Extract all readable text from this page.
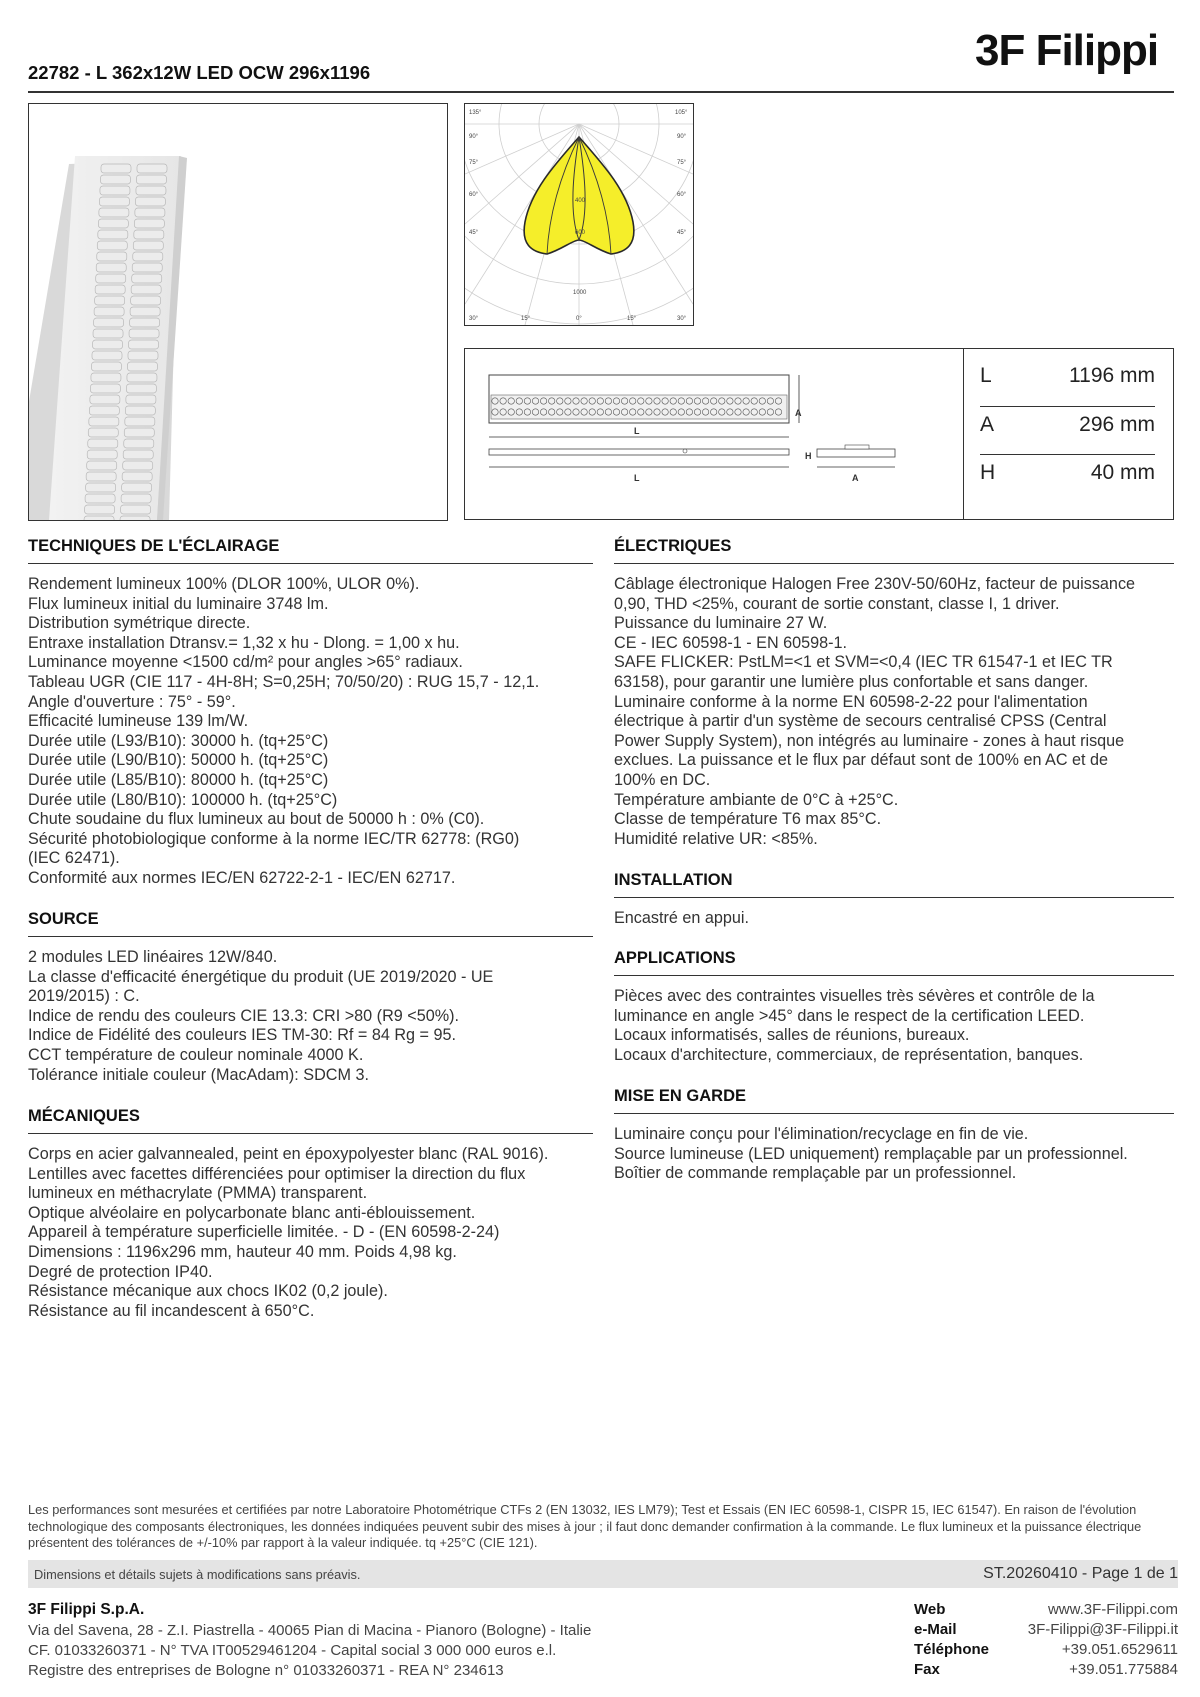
22782 - L 362x12W LED OCW 296x1196	3F Filippi
135°	105°
90°	90°
75°	75°
60°	60°
45°	45°
30°	15°	0°	15°	30°
400
600
1000
A
L
L
H
A
L	1196 mm
A	296 mm
H	40 mm
TECHNIQUES DE L'ÉCLAIRAGE
Rendement lumineux 100% (DLOR 100%, ULOR 0%).
Flux lumineux initial du luminaire 3748 lm.
Distribution symétrique directe.
Entraxe installation Dtransv.= 1,32 x hu - Dlong. = 1,00 x hu.
Luminance moyenne <1500 cd/m² pour angles >65° radiaux.
Tableau UGR (CIE 117 - 4H-8H; S=0,25H; 70/50/20) : RUG 15,7 - 12,1.
Angle d'ouverture : 75° - 59°.
Efficacité lumineuse 139 lm/W.
Durée utile (L93/B10): 30000 h. (tq+25°C)
Durée utile (L90/B10): 50000 h. (tq+25°C)
Durée utile (L85/B10): 80000 h. (tq+25°C)
Durée utile (L80/B10): 100000 h. (tq+25°C)
Chute soudaine du flux lumineux au bout de 50000 h : 0% (C0).
Sécurité photobiologique conforme à la norme IEC/TR 62778: (RG0)
(IEC 62471).
Conformité aux normes IEC/EN 62722-2-1 - IEC/EN 62717.
SOURCE
2 modules LED linéaires 12W/840.
La classe d'efficacité énergétique du produit (UE 2019/2020 - UE
2019/2015) : C.
Indice de rendu des couleurs CIE 13.3: CRI >80 (R9 <50%).
Indice de Fidélité des couleurs IES TM-30: Rf = 84 Rg = 95.
CCT température de couleur nominale 4000 K.
Tolérance initiale couleur (MacAdam): SDCM 3.
MÉCANIQUES
Corps en acier galvannealed, peint en époxypolyester blanc (RAL 9016).
Lentilles avec facettes différenciées pour optimiser la direction du flux
lumineux en méthacrylate (PMMA) transparent.
Optique alvéolaire en polycarbonate blanc anti-éblouissement.
Appareil à température superficielle limitée. - D - (EN 60598-2-24)
Dimensions : 1196x296 mm, hauteur 40 mm. Poids 4,98 kg.
Degré de protection IP40.
Résistance mécanique aux chocs IK02 (0,2 joule).
Résistance au fil incandescent à 650°C.
ÉLECTRIQUES
Câblage électronique Halogen Free 230V-50/60Hz, facteur de puissance
0,90, THD <25%, courant de sortie constant, classe I, 1 driver.
Puissance du luminaire 27 W.
CE - IEC 60598-1 - EN 60598-1.
SAFE FLICKER: PstLM=<1 et SVM=<0,4 (IEC TR 61547-1 et IEC TR
63158), pour garantir une lumière plus confortable et sans danger.
Luminaire conforme à la norme EN 60598-2-22 pour l'alimentation
électrique à partir d'un système de secours centralisé CPSS (Central
Power Supply System), non intégrés au luminaire - zones à haut risque
exclues. La puissance et le flux par défaut sont de 100% en AC et de
100% en DC.
Température ambiante de 0°C à +25°C.
Classe de température T6 max 85°C.
Humidité relative UR: <85%.
INSTALLATION
Encastré en appui.
APPLICATIONS
Pièces avec des contraintes visuelles très sévères et contrôle de la
luminance en angle >45° dans le respect de la certification LEED.
Locaux informatisés, salles de réunions, bureaux.
Locaux d'architecture, commerciaux, de représentation, banques.
MISE EN GARDE
Luminaire conçu pour l'élimination/recyclage en fin de vie.
Source lumineuse (LED uniquement) remplaçable par un professionnel.
Boîtier de commande remplaçable par un professionnel.
Les performances sont mesurées et certifiées par notre Laboratoire Photométrique CTFs 2 (EN 13032, IES LM79); Test et Essais (EN IEC 60598-1, CISPR 15, IEC 61547). En raison de l'évolution technologique des composants électroniques, les données indiquées peuvent subir des mises à jour ; il faut donc demander confirmation à la commande. Le flux lumineux et la puissance électrique présentent des tolérances de +/-10% par rapport à la valeur indiquée. tq +25°C (CIE 121).
Dimensions et détails sujets à modifications sans préavis.	ST.20260410 - Page 1 de 1
3F Filippi S.p.A.
Via del Savena, 28 - Z.I. Piastrella - 40065 Pian di Macina - Pianoro (Bologne) - Italie
CF. 01033260371 - N° TVA IT00529461204 - Capital social 3 000 000 euros e.l.
Registre des entreprises de Bologne n° 01033260371 - REA N° 234613
Web	www.3F-Filippi.com
e-Mail	3F-Filippi@3F-Filippi.it
Téléphone	+39.051.6529611
Fax	+39.051.775884
